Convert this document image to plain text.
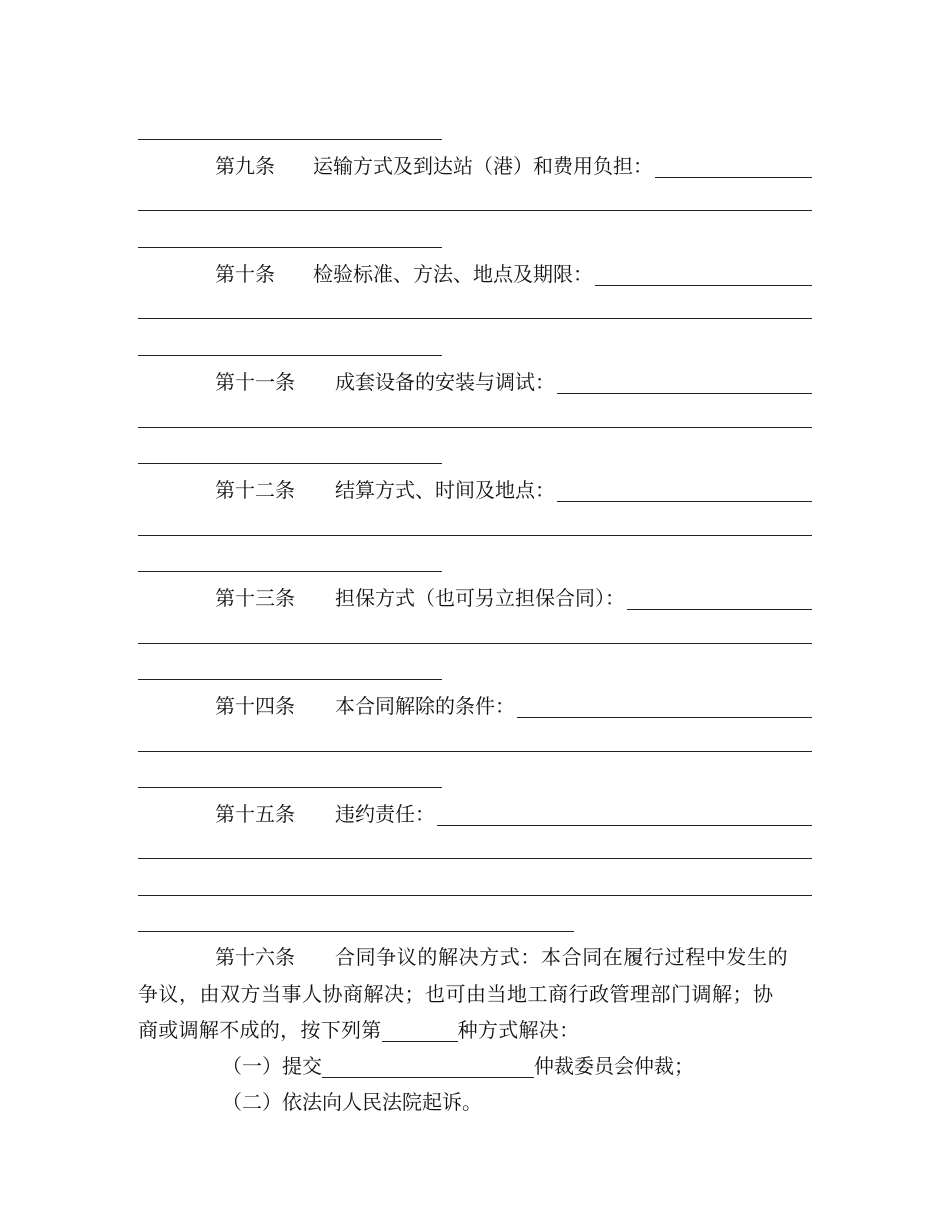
第九条	运输方式及到达站（港）和费用负担：
第十条	检验标准、方法、地点及期限：
第十一条	成套设备的安装与调试：
第十二条	结算方式、时间及地点：
第十三条	担保方式（也可另立担保合同）：
第十四条	本合同解除的条件：
第十五条	违约责任：
第十六条	合同争议的解决方式：本合同在履行过程中发生的
争议，由双方当事人协商解决；也可由当地工商行政管理部门调解；协
商或调解不成的，按下列第	种方式解决：
（一）提交	仲裁委员会仲裁；
（二）依法向人民法院起诉。
